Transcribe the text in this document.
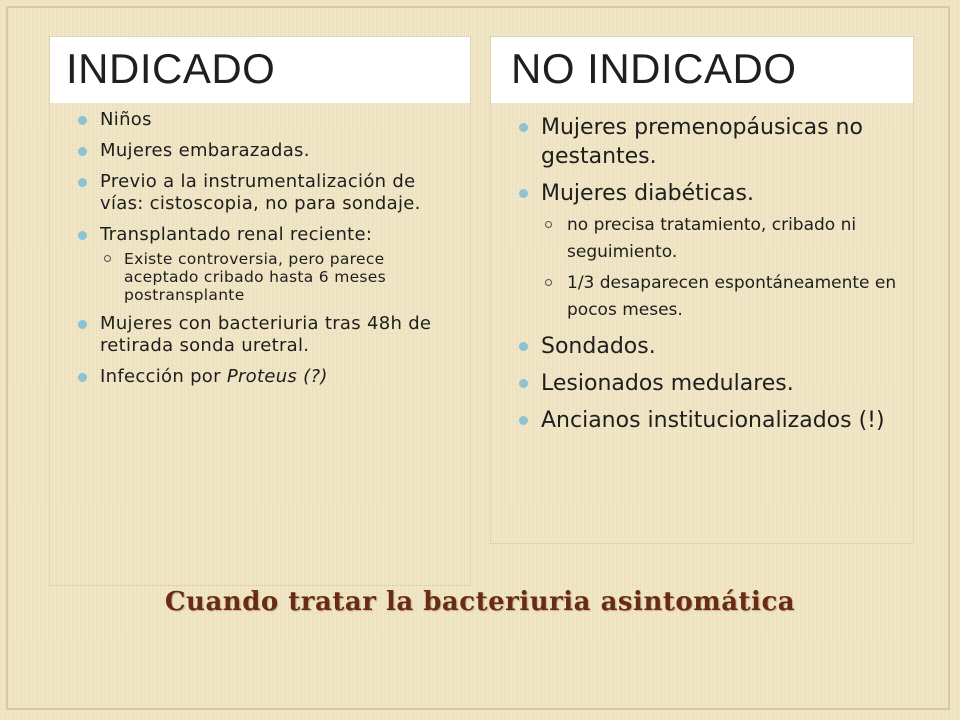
INDICADO
Niños
Mujeres embarazadas.
Previo a la instrumentalización de vías: cistoscopia, no para sondaje.
Transplantado renal reciente:
Existe controversia, pero parece aceptado cribado hasta 6 meses postransplante
Mujeres con bacteriuria tras 48h de retirada sonda uretral.
Infección por Proteus (?)
NO INDICADO
Mujeres premenopáusicas no gestantes.
Mujeres diabéticas.
no precisa tratamiento, cribado ni seguimiento.
1/3 desaparecen espontáneamente en pocos meses.
Sondados.
Lesionados medulares.
Ancianos institucionalizados (!)
Cuando tratar la bacteriuria asintomática
